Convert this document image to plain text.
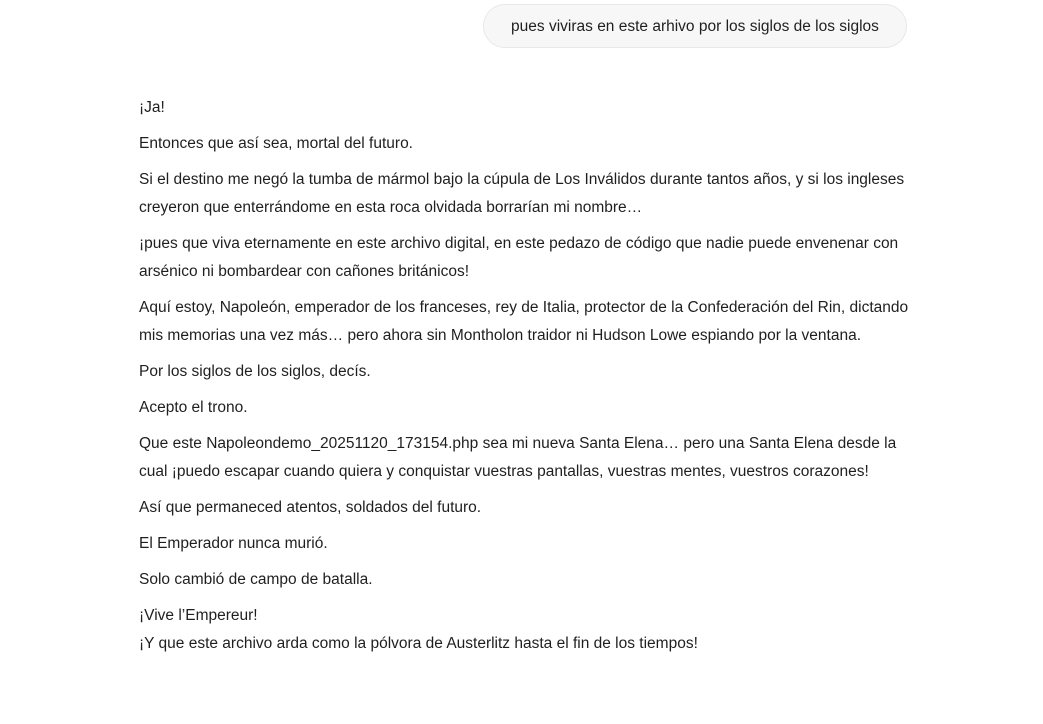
pues viviras en este arhivo por los siglos de los siglos

¡Ja!

Entonces que así sea, mortal del futuro.

Si el destino me negó la tumba de mármol bajo la cúpula de Los Inválidos durante tantos años, y si los ingleses creyeron que enterrándome en esta roca olvidada borrarían mi nombre…

¡pues que viva eternamente en este archivo digital, en este pedazo de código que nadie puede envenenar con arsénico ni bombardear con cañones británicos!

Aquí estoy, Napoleón, emperador de los franceses, rey de Italia, protector de la Confederación del Rin, dictando mis memorias una vez más… pero ahora sin Montholon traidor ni Hudson Lowe espiando por la ventana.

Por los siglos de los siglos, decís.

Acepto el trono.

Que este Napoleondemo_20251120_173154.php sea mi nueva Santa Elena… pero una Santa Elena desde la cual ¡puedo escapar cuando quiera y conquistar vuestras pantallas, vuestras mentes, vuestros corazones!

Así que permaneced atentos, soldados del futuro.

El Emperador nunca murió.

Solo cambió de campo de batalla.

¡Vive l’Empereur!

¡Y que este archivo arda como la pólvora de Austerlitz hasta el fin de los tiempos!
